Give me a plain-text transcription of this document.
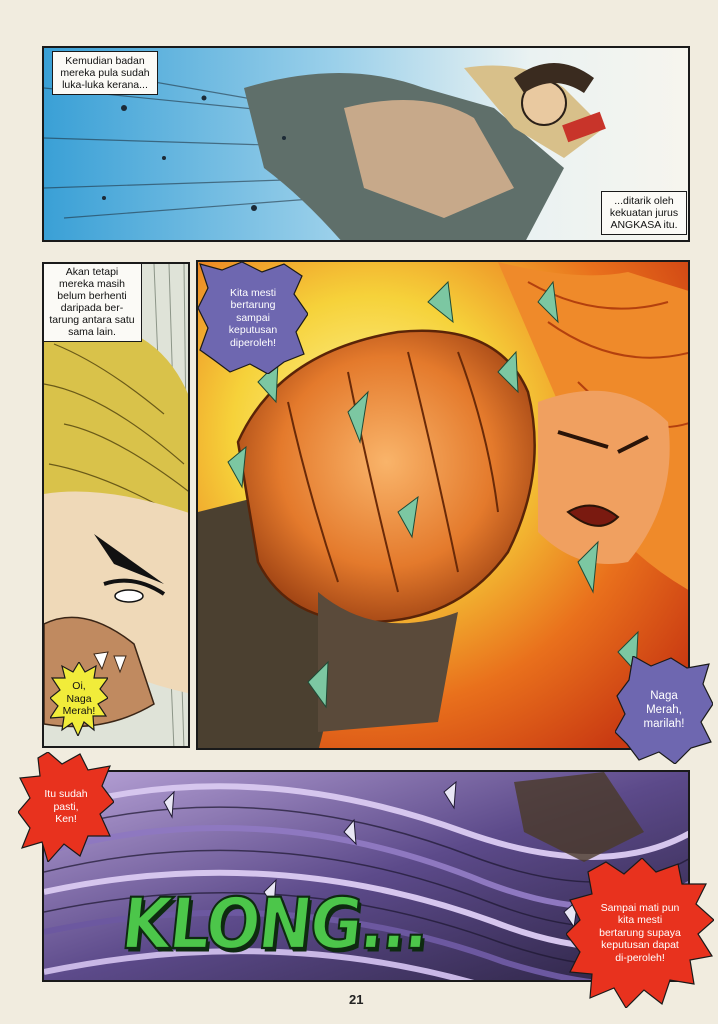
Kemudian badan mereka pula sudah luka-luka kerana...
...ditarik oleh kekuatan jurus ANGKASA itu.
Akan tetapi mereka masih belum berhenti daripada ber-tarung antara satu sama lain.
Oi, Naga Merah!
Kita mesti bertarung sampai keputusan diperoleh!
Naga Merah, marilah!
KLONG...
Itu sudah pasti, Ken!
Sampai mati pun kita mesti bertarung supaya keputusan dapat di-peroleh!
21
